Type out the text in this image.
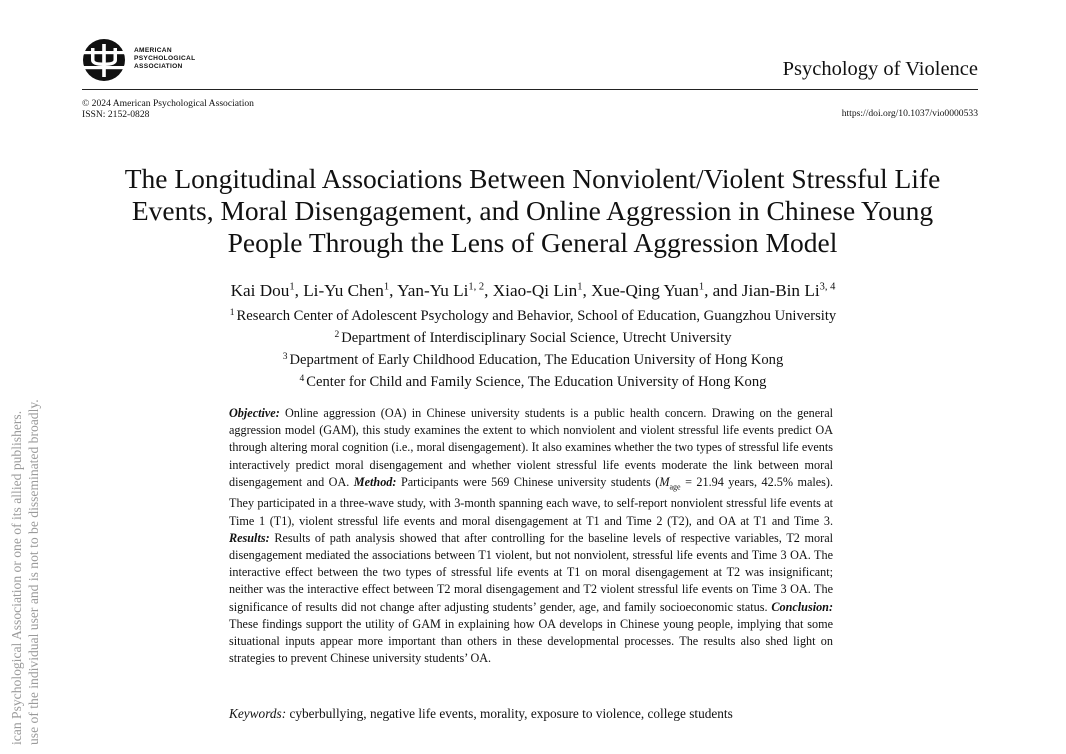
AMERICAN
PSYCHOLOGICAL
ASSOCIATION	Psychology of Violence
© 2024 American Psychological Association
ISSN: 2152-0828	https://doi.org/10.1037/vio0000533
The Longitudinal Associations Between Nonviolent/Violent Stressful Life
Events, Moral Disengagement, and Online Aggression in Chinese Young
People Through the Lens of General Aggression Model
Kai Dou$^1$, Li-Yu Chen$^1$, Yan-Yu Li$^{1, 2}$, Xiao-Qi Lin$^1$, Xue-Qing Yuan$^1$, and Jian-Bin Li$^{3, 4}$
$^1$ Research Center of Adolescent Psychology and Behavior, School of Education, Guangzhou University
$^2$ Department of Interdisciplinary Social Science, Utrecht University
$^3$ Department of Early Childhood Education, The Education University of Hong Kong
$^4$ Center for Child and Family Science, The Education University of Hong Kong

Objective: Online aggression (OA) in Chinese university students is a public health concern. Drawing on the general aggression model (GAM), this study examines the extent to which nonviolent and violent stressful life events predict OA through altering moral cognition (i.e., moral disengagement). It also examines whether the two types of stressful life events interactively predict moral disengagement and whether violent stressful life events moderate the link between moral disengagement and OA. Method: Participants were 569 Chinese university students ($M_{age} = 21.94$ years, 42.5% males). They participated in a three-wave study, with 3-month spanning each wave, to self-report nonviolent stressful life events at Time 1 (T1), violent stressful life events and moral disengagement at T1 and Time 2 (T2), and OA at T1 and Time 3. Results: Results of path analysis showed that after controlling for the baseline levels of respective variables, T2 moral disengagement mediated the associations between T1 violent, but not nonviolent, stressful life events and Time 3 OA. The interactive effect between the two types of stressful life events at T1 on moral disengagement at T2 was insignificant; neither was the interactive effect between T2 moral disengagement and T2 violent stressful life events on Time 3 OA. The significance of results did not change after adjusting students’ gender, age, and family socioeconomic status. Conclusion: These findings support the utility of GAM in explaining how OA develops in Chinese young people, implying that some situational inputs appear more important than others in these developmental processes. The results also shed light on strategies to prevent Chinese university students’ OA.

Keywords: cyberbullying, negative life events, morality, exposure to violence, college students
ican Psychological Association or one of its allied publishers. use of the individual user and is not to be disseminated broadly.
